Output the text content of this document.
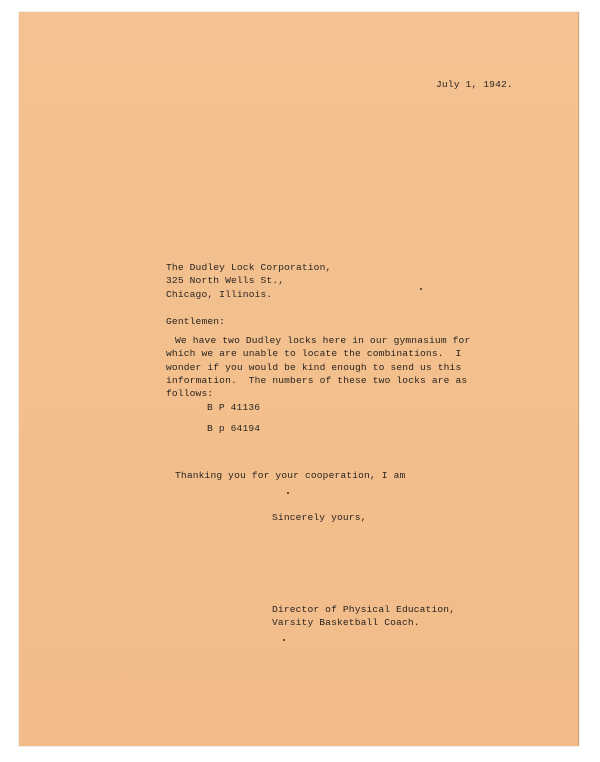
July 1, 1942.
The Dudley Lock Corporation,
325 North Wells St.,
Chicago, Illinois.
Gentlemen:
We have two Dudley locks here in our gymnasium for
which we are unable to locate the combinations.  I
wonder if you would be kind enough to send us this
information.  The numbers of these two locks are as
follows:
B P 41136
B p 64194
Thanking you for your cooperation, I am
Sincerely yours,
Director of Physical Education,
Varsity Basketball Coach.
